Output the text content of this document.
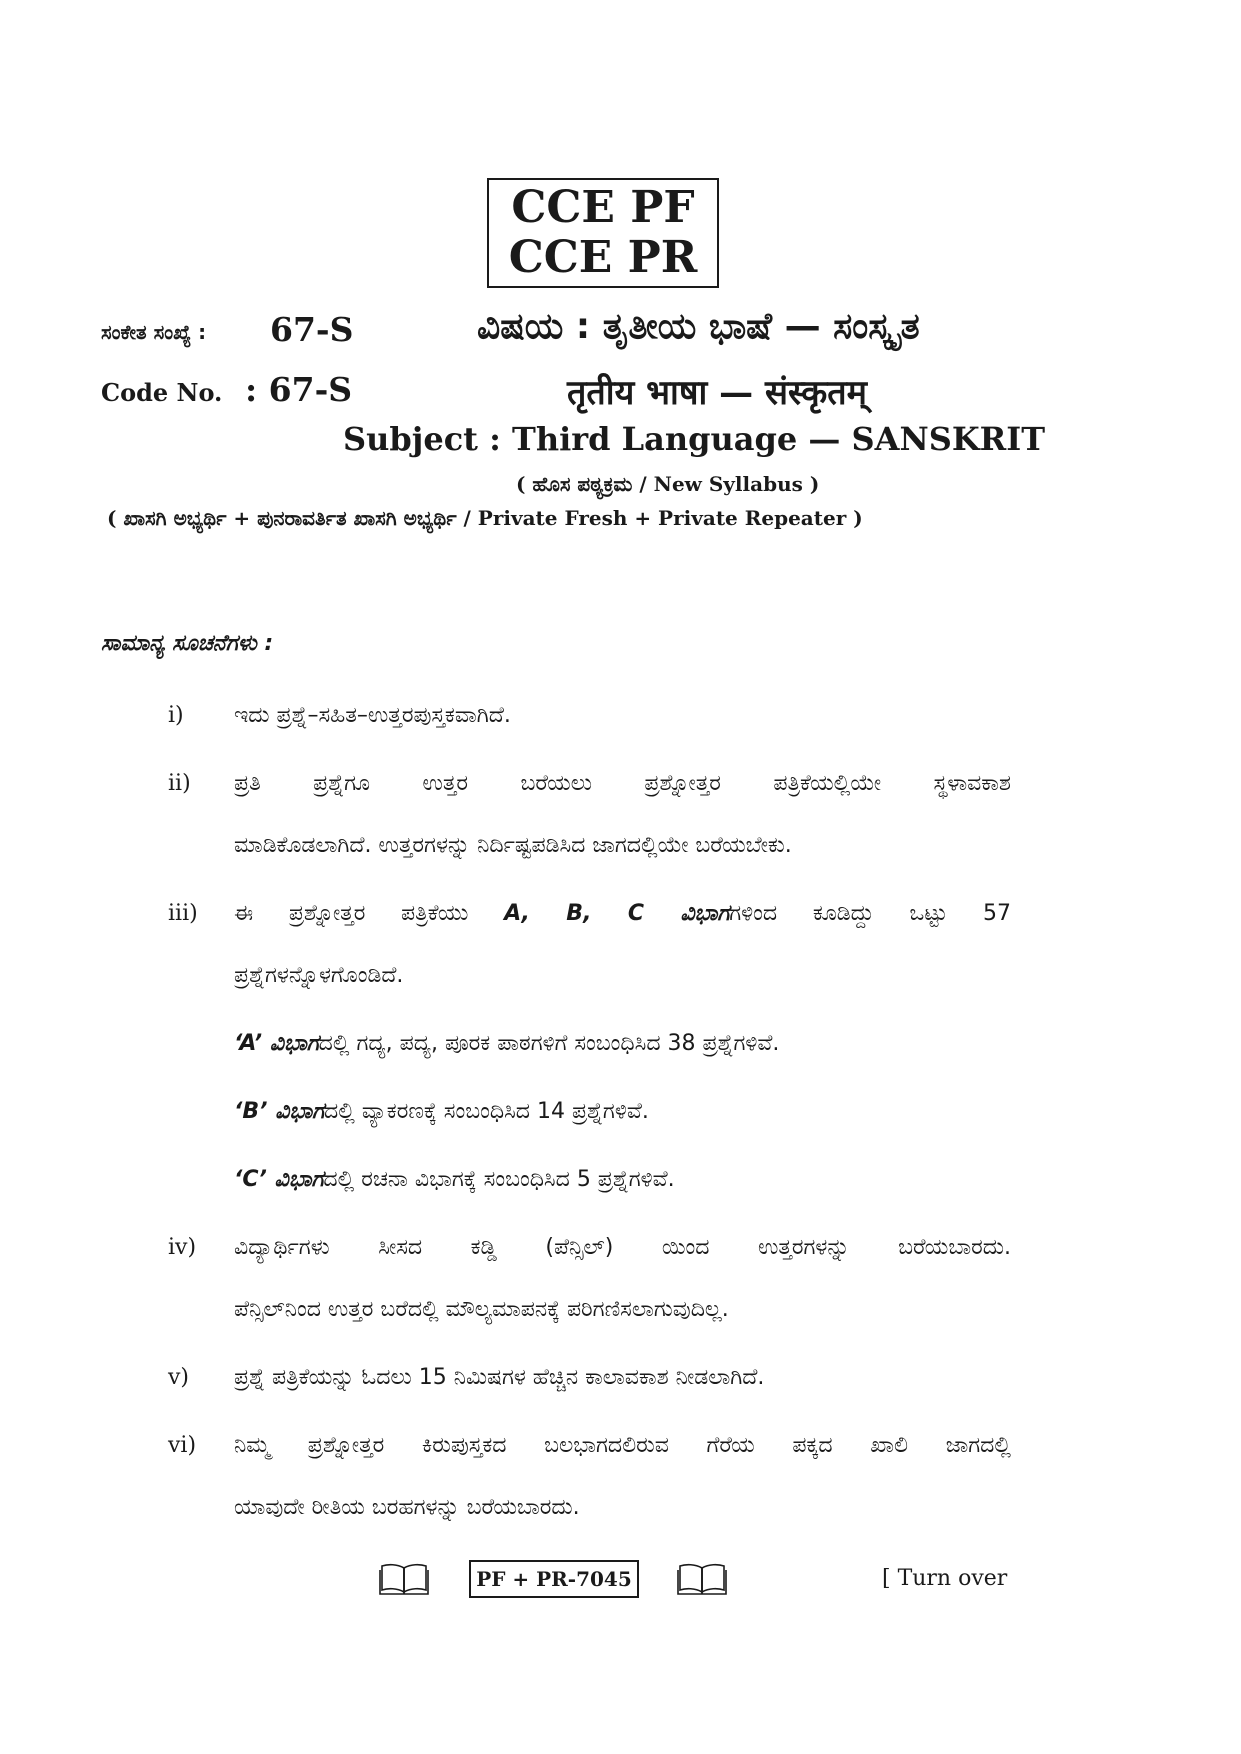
CCE PF
CCE PR
ಸಂಕೇತ ಸಂಖ್ಯೆ : 67-S
Code No. : 67-S
ವಿಷಯ : ತೃತೀಯ ಭಾಷೆ — ಸಂಸ್ಕೃತ
तृतीय भाषा — संस्कृतम्
Subject : Third Language — SANSKRIT
( ಹೊಸ ಪಠ್ಯಕ್ರಮ / New Syllabus )
( ಖಾಸಗಿ ಅಭ್ಯರ್ಥಿ + ಪುನರಾವರ್ತಿತ ಖಾಸಗಿ ಅಭ್ಯರ್ಥಿ / Private Fresh + Private Repeater )
ಸಾಮಾನ್ಯ ಸೂಚನೆಗಳು :
i) ಇದು ಪ್ರಶ್ನೆ–ಸಹಿತ–ಉತ್ತರಪುಸ್ತಕವಾಗಿದೆ.
ii) ಪ್ರತಿ ಪ್ರಶ್ನೆಗೂ ಉತ್ತರ ಬರೆಯಲು ಪ್ರಶ್ನೋತ್ತರ ಪತ್ರಿಕೆಯಲ್ಲಿಯೇ ಸ್ಥಳಾವಕಾಶ
ಮಾಡಿಕೊಡಲಾಗಿದೆ. ಉತ್ತರಗಳನ್ನು ನಿರ್ದಿಷ್ಟಪಡಿಸಿದ ಜಾಗದಲ್ಲಿಯೇ ಬರೆಯಬೇಕು.
iii) ಈ ಪ್ರಶ್ನೋತ್ತರ ಪತ್ರಿಕೆಯು A, B, C ವಿಭಾಗಗಳಿಂದ ಕೂಡಿದ್ದು ಒಟ್ಟು 57
ಪ್ರಶ್ನೆಗಳನ್ನೊಳಗೊಂಡಿದೆ.
‘A’ ವಿಭಾಗದಲ್ಲಿ ಗದ್ಯ, ಪದ್ಯ, ಪೂರಕ ಪಾಠಗಳಿಗೆ ಸಂಬಂಧಿಸಿದ 38 ಪ್ರಶ್ನೆಗಳಿವೆ.
‘B’ ವಿಭಾಗದಲ್ಲಿ ವ್ಯಾಕರಣಕ್ಕೆ ಸಂಬಂಧಿಸಿದ 14 ಪ್ರಶ್ನೆಗಳಿವೆ.
‘C’ ವಿಭಾಗದಲ್ಲಿ ರಚನಾ ವಿಭಾಗಕ್ಕೆ ಸಂಬಂಧಿಸಿದ 5 ಪ್ರಶ್ನೆಗಳಿವೆ.
iv) ವಿದ್ಯಾರ್ಥಿಗಳು ಸೀಸದ ಕಡ್ಡಿ (ಪೆನ್ಸಿಲ್) ಯಿಂದ ಉತ್ತರಗಳನ್ನು ಬರೆಯಬಾರದು.
ಪೆನ್ಸಿಲ್‌ನಿಂದ ಉತ್ತರ ಬರೆದಲ್ಲಿ ಮೌಲ್ಯಮಾಪನಕ್ಕೆ ಪರಿಗಣಿಸಲಾಗುವುದಿಲ್ಲ.
v) ಪ್ರಶ್ನೆ ಪತ್ರಿಕೆಯನ್ನು ಓದಲು 15 ನಿಮಿಷಗಳ ಹೆಚ್ಚಿನ ಕಾಲಾವಕಾಶ ನೀಡಲಾಗಿದೆ.
vi) ನಿಮ್ಮ ಪ್ರಶ್ನೋತ್ತರ ಕಿರುಪುಸ್ತಕದ ಬಲಭಾಗದಲಿರುವ ಗೆರೆಯ ಪಕ್ಕದ ಖಾಲಿ ಜಾಗದಲ್ಲಿ
ಯಾವುದೇ ರೀತಿಯ ಬರಹಗಳನ್ನು ಬರೆಯಬಾರದು.
PF + PR-7045	[ Turn over
